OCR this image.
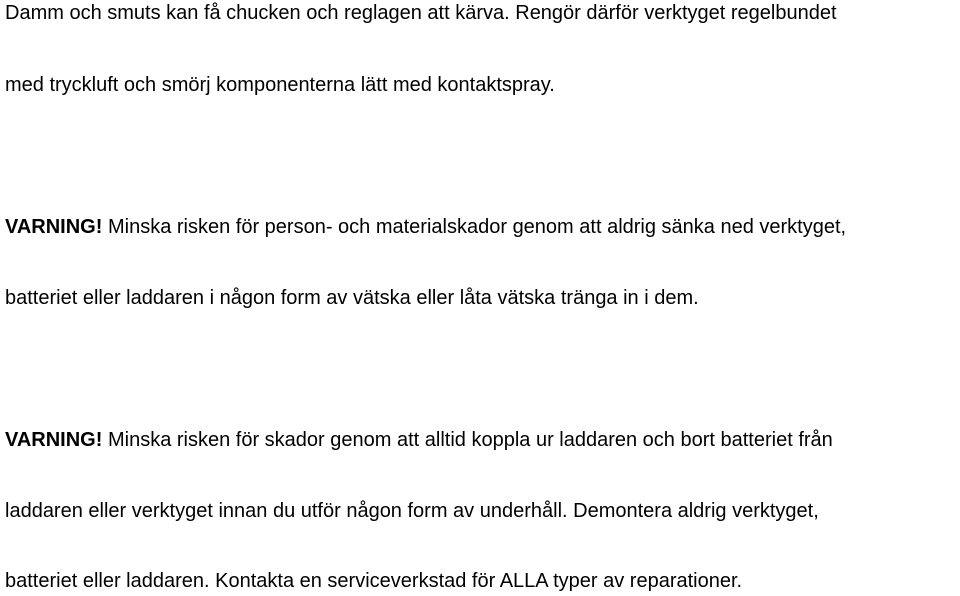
Damm och smuts kan få chucken och reglagen att kärva. Rengör därför verktyget regelbundet
med tryckluft och smörj komponenterna lätt med kontaktspray.
VARNING! Minska risken för person- och materialskador genom att aldrig sänka ned verktyget,
batteriet eller laddaren i någon form av vätska eller låta vätska tränga in i dem.
VARNING! Minska risken för skador genom att alltid koppla ur laddaren och bort batteriet från
laddaren eller verktyget innan du utför någon form av underhåll. Demontera aldrig verktyget,
batteriet eller laddaren. Kontakta en serviceverkstad för ALLA typer av reparationer.
